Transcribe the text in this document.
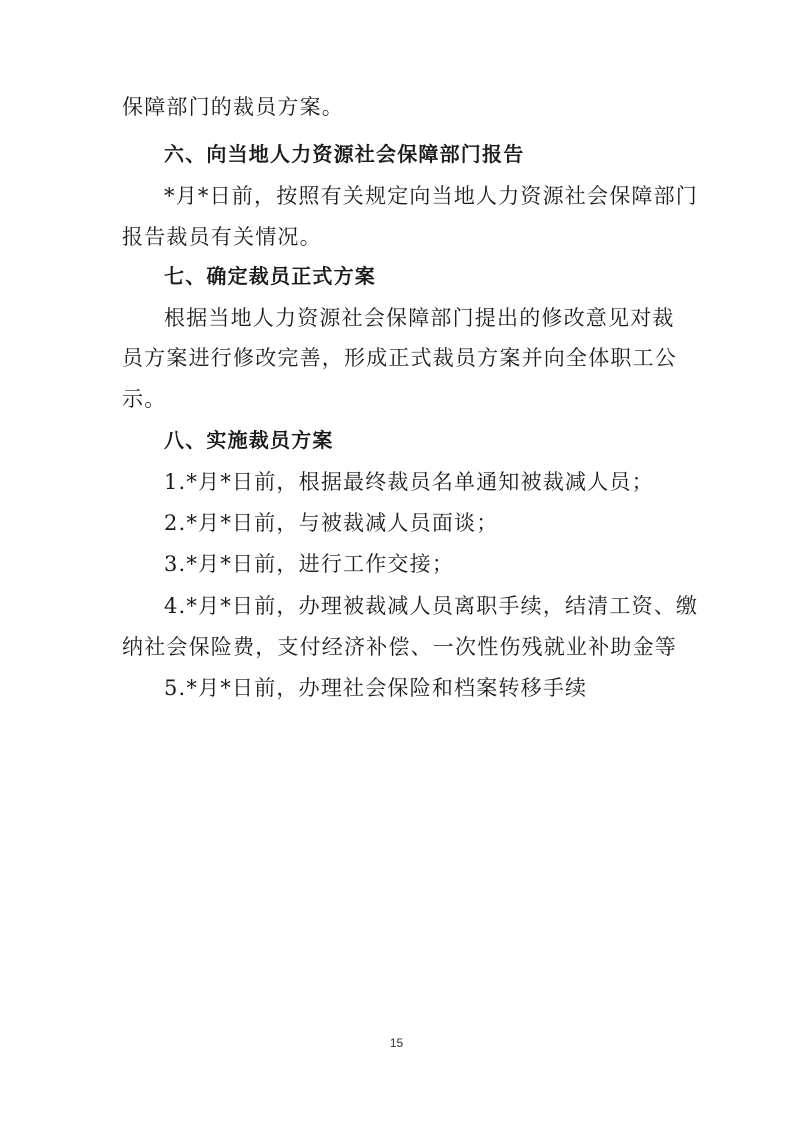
保障部门的裁员方案。
六、向当地人力资源社会保障部门报告
*月*日前，按照有关规定向当地人力资源社会保障部门
报告裁员有关情况。
七、确定裁员正式方案
根据当地人力资源社会保障部门提出的修改意见对裁
员方案进行修改完善，形成正式裁员方案并向全体职工公
示。
八、实施裁员方案
1.*月*日前，根据最终裁员名单通知被裁减人员；
2.*月*日前，与被裁减人员面谈；
3.*月*日前，进行工作交接；
4.*月*日前，办理被裁减人员离职手续，结清工资、缴
纳社会保险费，支付经济补偿、一次性伤残就业补助金等
5.*月*日前，办理社会保险和档案转移手续
15
